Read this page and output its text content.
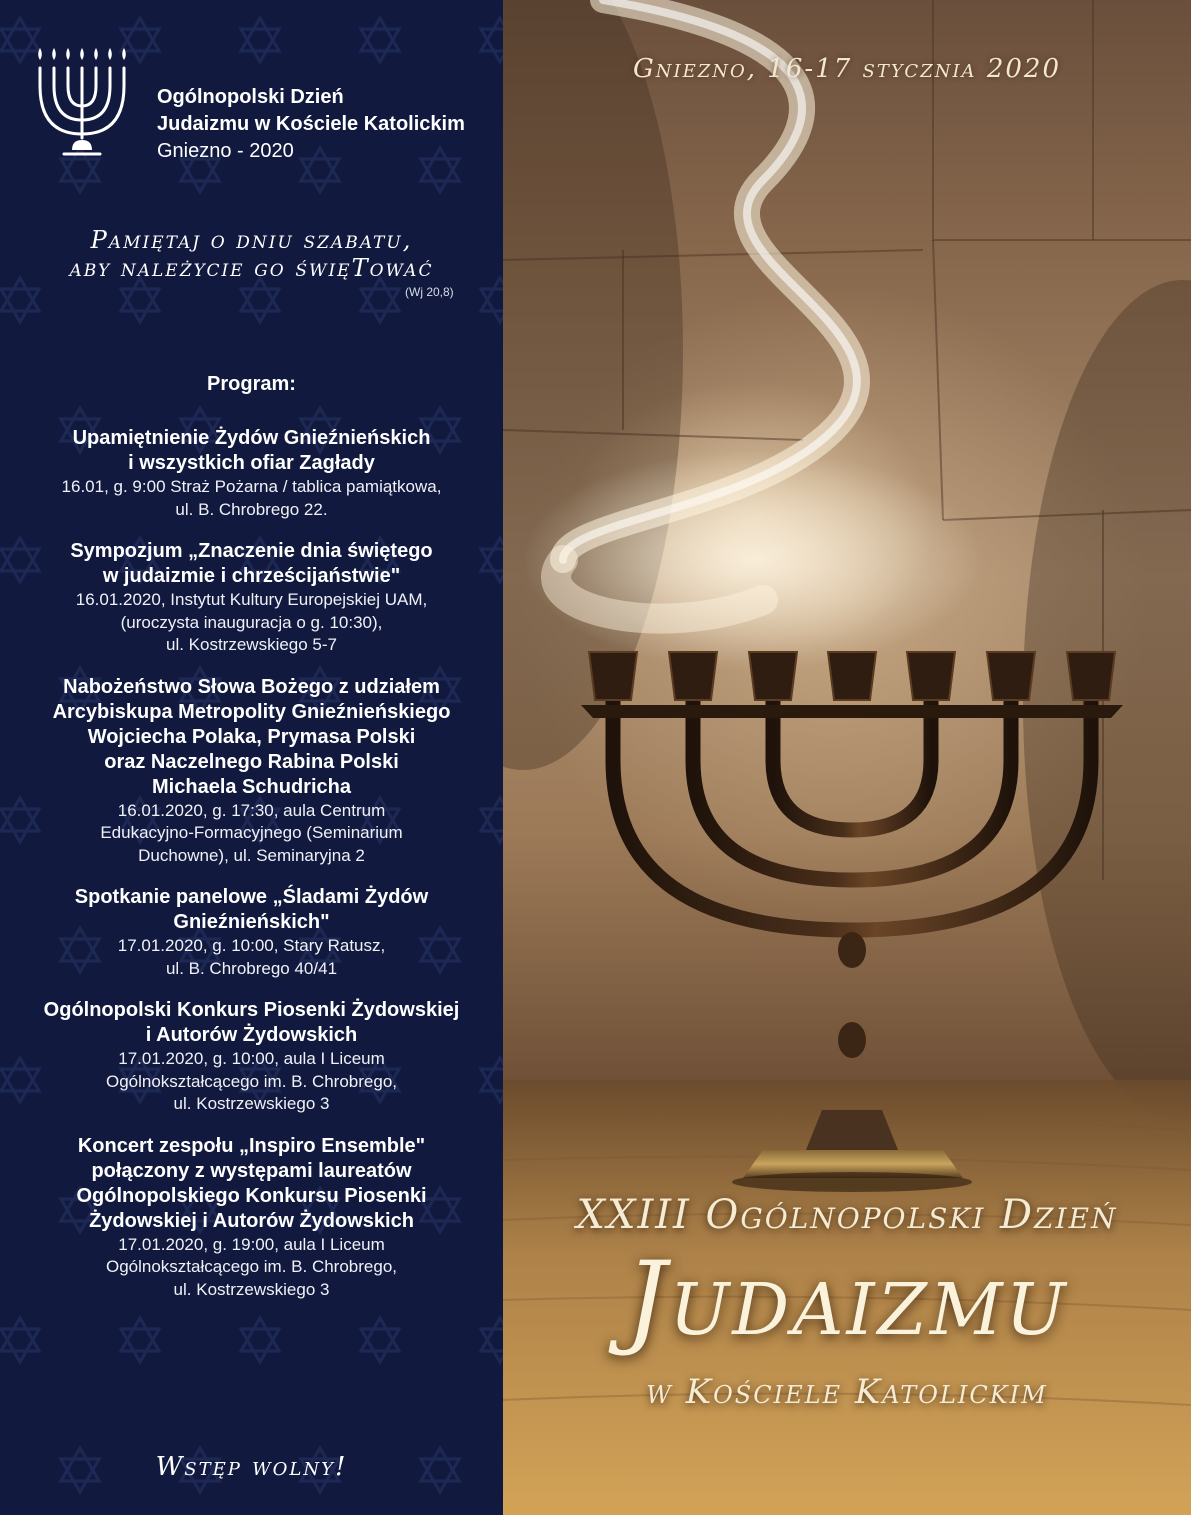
Ogólnopolski Dzień
Judaizmu w Kościele Katolickim
Gniezno - 2020
Pamiętaj o dniu szabatu,
aby należycie go święTować
(Wj 20,8)
Program:
Upamiętnienie Żydów Gnieźnieńskich
i wszystkich ofiar Zagłady
16.01, g. 9:00 Straż Pożarna / tablica pamiątkowa,
ul. B. Chrobrego 22.
Sympozjum „Znaczenie dnia świętego
w judaizmie i chrześcijaństwie"
16.01.2020, Instytut Kultury Europejskiej UAM,
(uroczysta inauguracja o g. 10:30),
ul. Kostrzewskiego 5-7
Nabożeństwo Słowa Bożego z udziałem
Arcybiskupa Metropolity Gnieźnieńskiego
Wojciecha Polaka, Prymasa Polski
oraz Naczelnego Rabina Polski
Michaela Schudricha
16.01.2020, g. 17:30, aula Centrum
Edukacyjno-Formacyjnego (Seminarium
Duchowne), ul. Seminaryjna 2
Spotkanie panelowe „Śladami Żydów
Gnieźnieńskich"
17.01.2020, g. 10:00, Stary Ratusz,
ul. B. Chrobrego 40/41
Ogólnopolski Konkurs Piosenki Żydowskiej
i Autorów Żydowskich
17.01.2020, g. 10:00, aula I Liceum
Ogólnokształcącego im. B. Chrobrego,
ul. Kostrzewskiego 3
Koncert zespołu „Inspiro Ensemble"
połączony z występami laureatów
Ogólnopolskiego Konkursu Piosenki
Żydowskiej i Autorów Żydowskich
17.01.2020, g. 19:00, aula I Liceum
Ogólnokształcącego im. B. Chrobrego,
ul. Kostrzewskiego 3
Wstęp wolny!
Gniezno, 16-17 stycznia 2020
XXIII Ogólnopolski Dzień
Judaizmu
w Kościele Katolickim
